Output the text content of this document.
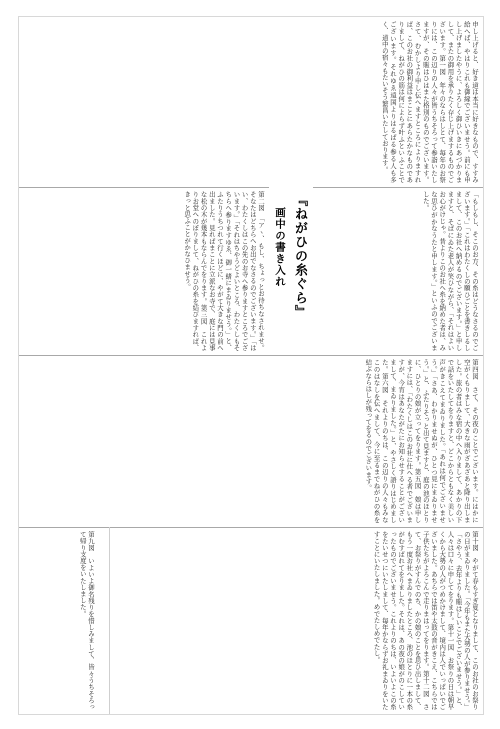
申し上げると、好き道は本当に好きなもので、すすみ給へば、やはりこれも御縁でございませう。前にも申し上げましたやうに、よろしく御ひいきにあづかりまして、またの御用を承りたく存じ上げまするものでございます。第一図　年々のならはしとて、毎年のお祭りには、この辺りの人々が皆うちそろって参詣いたしますが、その賑はひはまた格別のものでございます。さて、むかしより申し伝へますところによりますれば、このお社の御利益はまことにあらたかなものでありまして、ねがひの筋は何によらず叶ふといふことでございます。それゆゑ遠国よりはるばる参る人も多く、道中の宿々もたいそう繁昌いたしております。
第二図　「アヽ、もし、ちょっとお待ちなされませ。そなたはどちらへお出でなさるのでございます。」「はい、わたくしはこの先のお寺へ参りますところでございます。」「それはちやうどよいところ、わたくしもそちらへ参りますゆゑ、御一緒にまゐりませう。」と、ふたりうちつれて行くほどに、やがて大きな門の前へ出ました。見ればまことに立派なお寺で、庭には見事な松の木が幾本もならんでをります。第三図　これよりお堂へのぼりまして、ねがひの糸を結びますれば、きっと思ふことがかなひませう。	「もしもし、そこのお方、その糸はどうなさるのでございます。」「これはわたくしの願ひごとを書きしるしまして、このお社へ納めるのでございます。」と申しますと、そばにゐた老人が笑ひながら、「それはよいお心がけじゃ。昔よりこのお社へ糸を納めた者は、みな思ひがかなうたと申します。」といふのでございました。
『ねがひの糸ぐら』
画中の書き入れ
第四図　さて、その夜のことでございます。にはかに空がくもりまして、大きな雨がざあざあと降り出しました。旅の者はみな宿の中へ入りまして、あかりの下で話をいたしてをりますと、どこからともなく美しい声がきこえてまゐりました。「あれは何でございませう。」「さあ、わかりませぬが、ひとつ見にまゐりませう。」と、ふたりそっと出て見ますと、庭の池のほとりに、ひとりの娘が立ってをります。第五図　娘は申しますには、「わたくしはこのお社に仕へる者でございますが、今宵はあなたがたにお知らせすることがございまして、まゐりました。」と、やさしく語りはじめました。第六図　それよりのちは、この辺りの人々もみなこのはなしを伝へまして、今に至るまでねがひの糸を結ぶならはしが残ってをるのでございます。
第九図　いよいよ御名残りを惜しみまして、皆々うちそろって帰り支度をいたしました。	第十図　やがて春もすぎ夏となりまして、このお社のお祭りの日がまゐりました。「今年もまた大勢の人が参りませう。」「さやう、去年よりも賑はしいことでございませう。」と、人々は口々に申してをります。第十一図　お祭りの日は朝早くから大勢の人がつめかけまして、境内は人でいっぱいでございました。あちらでは笛や太鼓の音がきこえ、こちらでは子供たちがよろこんで走りまはってをります。第十二図　さて、お祭りがすんでのち、かの娘のことを思ひ出しまして、もう一度お社へまゐりましたところ、池のほとりに一本の糸がむすばれてをりました。それは、あの夜の娘がのこしていったものでございませう。これよりのちは、いよいよこの糸をたいせつにいたしまして、毎年かならずお礼まゐりをいたすことにいたしました。めでたしめでたし。
